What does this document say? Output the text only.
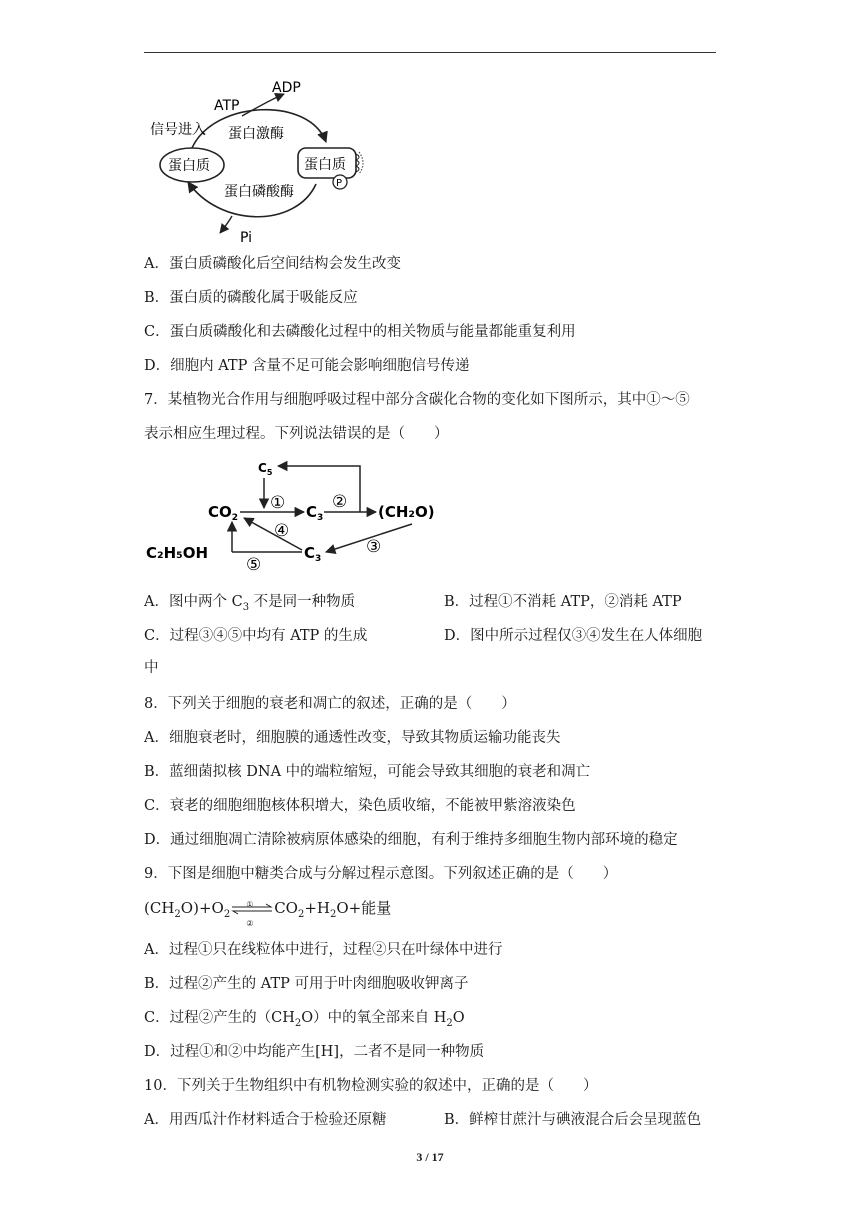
ATP
ADP
信号进入 蛋白激酶
蛋白质	蛋白质
P
蛋白磷酸酶
Pi
A．蛋白质磷酸化后空间结构会发生改变
B．蛋白质的磷酸化属于吸能反应
C．蛋白质磷酸化和去磷酸化过程中的相关物质与能量都能重复利用
D．细胞内 ATP 含量不足可能会影响细胞信号传递
7．某植物光合作用与细胞呼吸过程中部分含碳化合物的变化如下图所示，其中①～⑤
表示相应生理过程。下列说法错误的是（　　）
$C_5$
$CO_2$	$C_3$	(CH₂O)
C₂H₅OH	$C_3$
①	②
③
④
⑤
A．图中两个 $C_3$ 不是同一种物质	B．过程①不消耗 ATP，②消耗 ATP
C．过程③④⑤中均有 ATP 的生成	D．图中所示过程仅③④发生在人体细胞
中
8．下列关于细胞的衰老和凋亡的叙述，正确的是（　　）
A．细胞衰老时，细胞膜的通透性改变，导致其物质运输功能丧失
B．蓝细菌拟核 DNA 中的端粒缩短，可能会导致其细胞的衰老和凋亡
C．衰老的细胞细胞核体积增大，染色质收缩，不能被甲紫溶液染色
D．通过细胞凋亡清除被病原体感染的细胞，有利于维持多细胞生物内部环境的稳定
9．下图是细胞中糖类合成与分解过程示意图。下列叙述正确的是（　　）
$(CH_2O)+O_2$
①
②
$CO_2+H_2O+$能量
A．过程①只在线粒体中进行，过程②只在叶绿体中进行
B．过程②产生的 ATP 可用于叶肉细胞吸收钾离子
C．过程②产生的$(CH_2O)$中的氧全部来自 $H_2O$
D．过程①和②中均能产生[H]，二者不是同一种物质
10．下列关于生物组织中有机物检测实验的叙述中，正确的是（　　）
A．用西瓜汁作材料适合于检验还原糖	B．鲜榨甘蔗汁与碘液混合后会呈现蓝色
3 / 17
